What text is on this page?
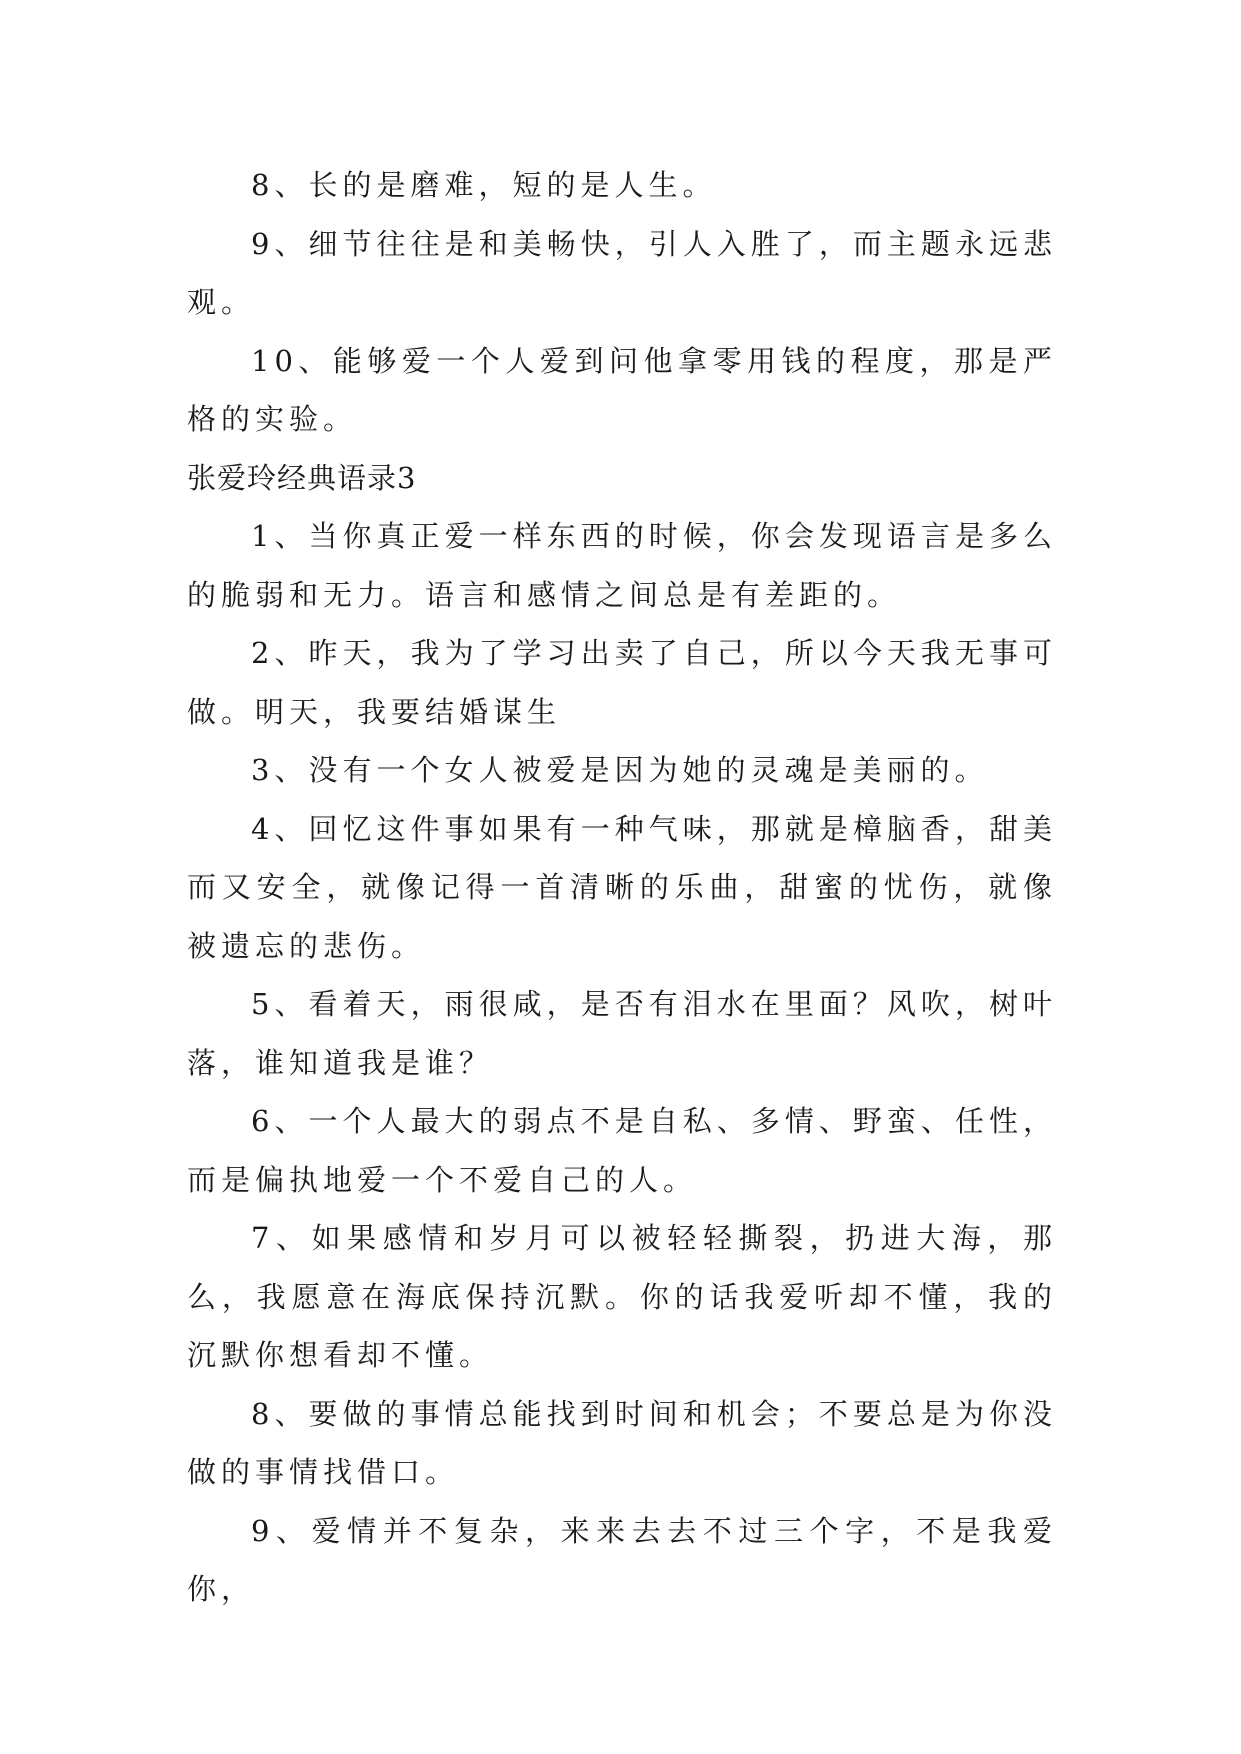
8、长的是磨难，短的是人生。

9、细节往往是和美畅快，引人入胜了，而主题永远悲观。

10、能够爱一个人爱到问他拿零用钱的程度，那是严格的实验。

张爱玲经典语录3

1、当你真正爱一样东西的时候，你会发现语言是多么的脆弱和无力。语言和感情之间总是有差距的。

2、昨天，我为了学习出卖了自己，所以今天我无事可做。明天，我要结婚谋生

3、没有一个女人被爱是因为她的灵魂是美丽的。

4、回忆这件事如果有一种气味，那就是樟脑香，甜美而又安全，就像记得一首清晰的乐曲，甜蜜的忧伤，就像被遗忘的悲伤。

5、看着天，雨很咸，是否有泪水在里面？风吹，树叶落，谁知道我是谁？

6、一个人最大的弱点不是自私、多情、野蛮、任性，而是偏执地爱一个不爱自己的人。

7、如果感情和岁月可以被轻轻撕裂，扔进大海，那么，我愿意在海底保持沉默。你的话我爱听却不懂，我的沉默你想看却不懂。

8、要做的事情总能找到时间和机会；不要总是为你没做的事情找借口。

9、爱情并不复杂，来来去去不过三个字，不是我爱你，
